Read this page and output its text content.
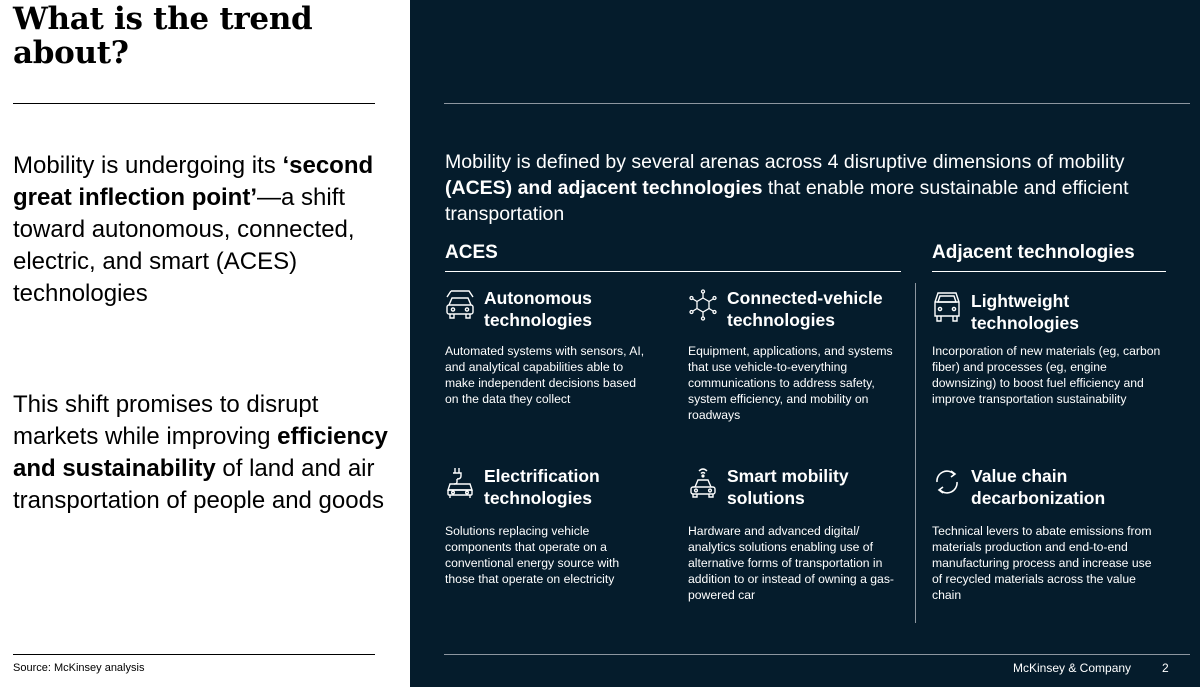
What is the trend about?

Mobility is undergoing its ‘second great inflection point’—a shift toward autonomous, connected, electric, and smart (ACES) technologies

This shift promises to disrupt markets while improving efficiency and sustainability of land and air transportation of people and goods

Source: McKinsey analysis

Mobility is defined by several arenas across 4 disruptive dimensions of mobility (ACES) and adjacent technologies that enable more sustainable and efficient transportation

ACES	Adjacent technologies
Autonomous technologies
Automated systems with sensors, AI, and analytical capabilities able to make independent decisions based on the data they collect
Connected-vehicle technologies
Equipment, applications, and systems that use vehicle-to-everything communications to address safety, system efficiency, and mobility on roadways
Lightweight technologies
Incorporation of new materials (eg, carbon fiber) and processes (eg, engine downsizing) to boost fuel efficiency and improve transportation sustainability
Electrification technologies
Solutions replacing vehicle components that operate on a conventional energy source with those that operate on electricity
Smart mobility solutions
Hardware and advanced digital/ analytics solutions enabling use of alternative forms of transportation in addition to or instead of owning a gas-powered car
Value chain decarbonization
Technical levers to abate emissions from materials production and end-to-end manufacturing process and increase use of recycled materials across the value chain
McKinsey & Company	2
